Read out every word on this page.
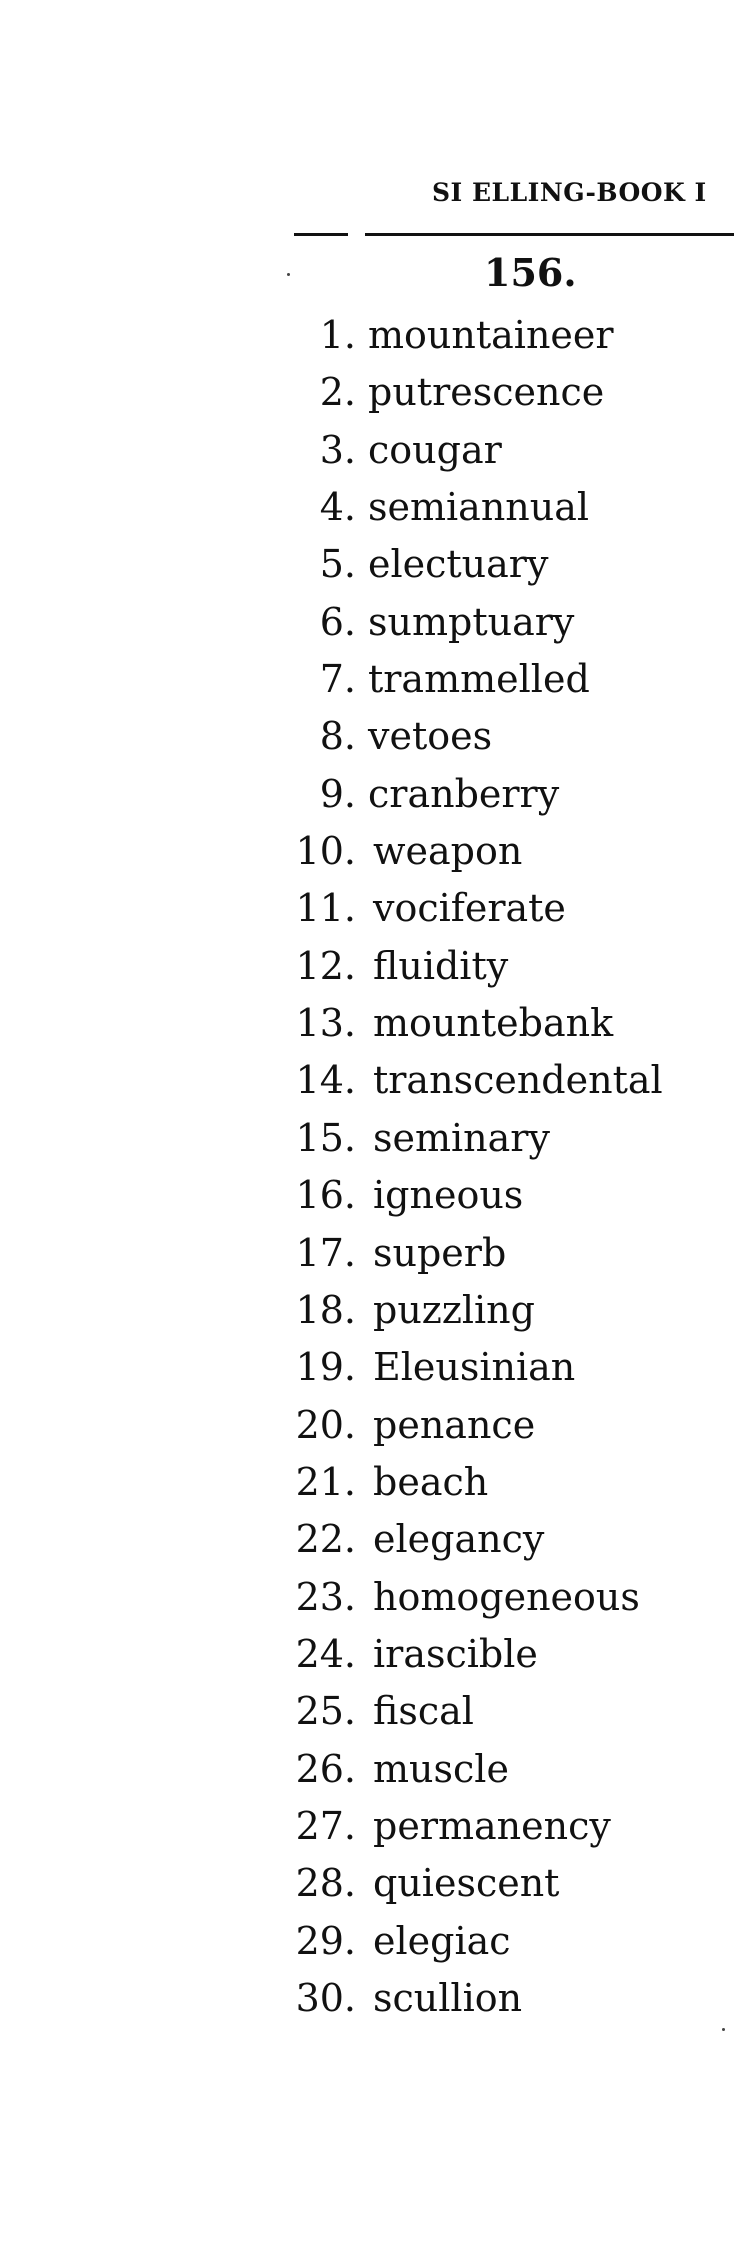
SI ELLING-BOOK I
156.
1. mountaineer
2. putrescence
3. cougar
4. semiannual
5. electuary
6. sumptuary
7. trammelled
8. vetoes
9. cranberry
10. weapon
11. vociferate
12. fluidity
13. mountebank
14. transcendental
15. seminary
16. igneous
17. superb
18. puzzling
19. Eleusinian
20. penance
21. beach
22. elegancy
23. homogeneous
24. irascible
25. fiscal
26. muscle
27. permanency
28. quiescent
29. elegiac
30. scullion
